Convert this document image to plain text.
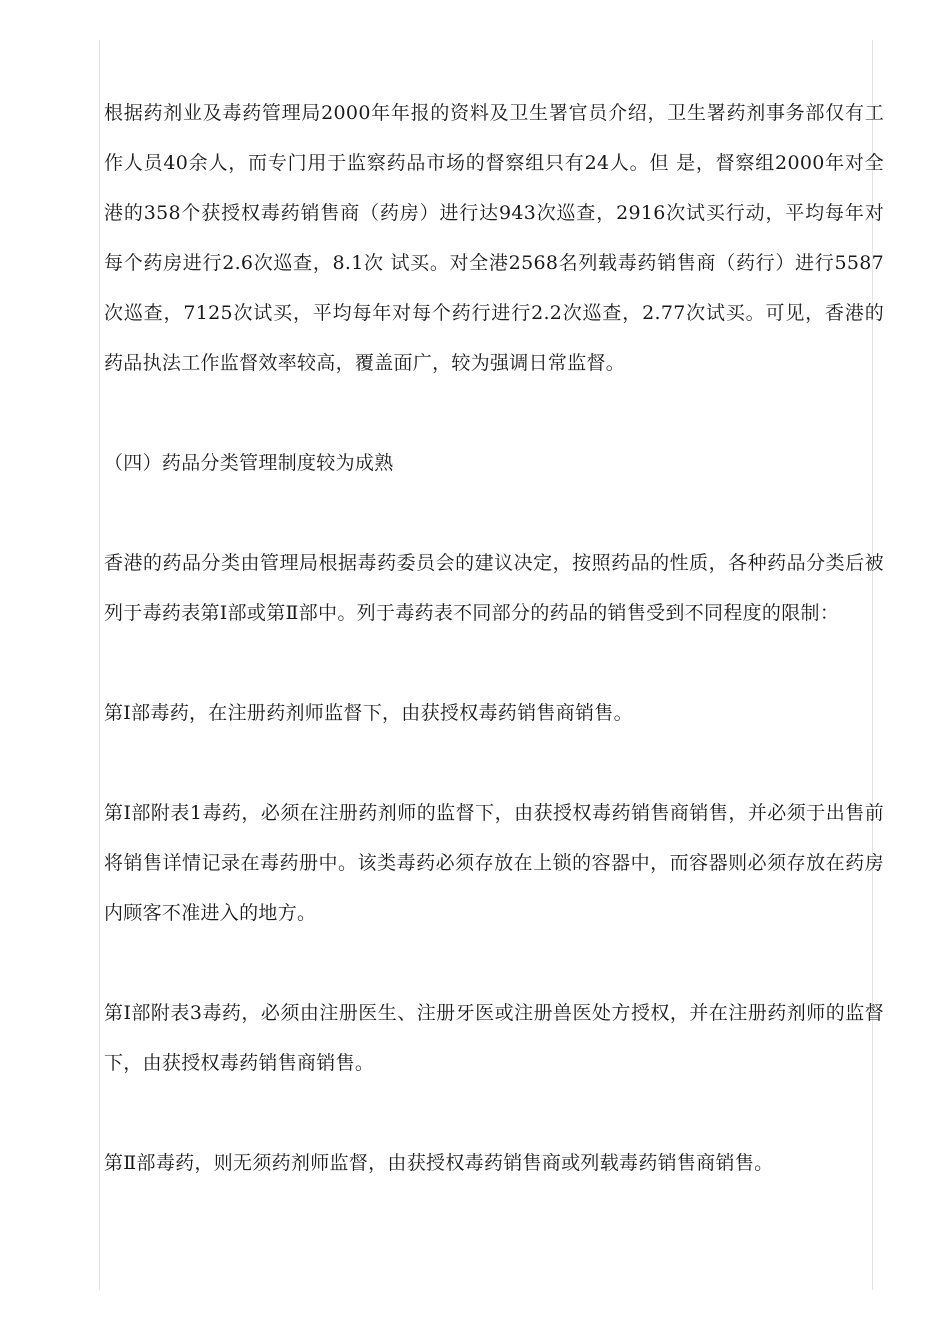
根据药剂业及毒药管理局2000年年报的资料及卫生署官员介绍，卫生署药剂事务部仅有工作人员40余人，而专门用于监察药品市场的督察组只有24人。但 是，督察组2000年对全港的358个获授权毒药销售商（药房）进行达943次巡查，2916次试买行动，平均每年对每个药房进行2.6次巡查，8.1次 试买。对全港2568名列载毒药销售商（药行）进行5587次巡查，7125次试买，平均每年对每个药行进行2.2次巡查，2.77次试买。可见，香港的 药品执法工作监督效率较高，覆盖面广，较为强调日常监督。

（四）药品分类管理制度较为成熟

香港的药品分类由管理局根据毒药委员会的建议决定，按照药品的性质，各种药品分类后被列于毒药表第Ⅰ部或第Ⅱ部中。列于毒药表不同部分的药品的销售受到不同程度的限制：

第Ⅰ部毒药，在注册药剂师监督下，由获授权毒药销售商销售。

第Ⅰ部附表1毒药，必须在注册药剂师的监督下，由获授权毒药销售商销售，并必须于出售前将销售详情记录在毒药册中。该类毒药必须存放在上锁的容器中，而容器则必须存放在药房内顾客不准进入的地方。

第Ⅰ部附表3毒药，必须由注册医生、注册牙医或注册兽医处方授权，并在注册药剂师的监督下，由获授权毒药销售商销售。

第Ⅱ部毒药，则无须药剂师监督，由获授权毒药销售商或列载毒药销售商销售。
